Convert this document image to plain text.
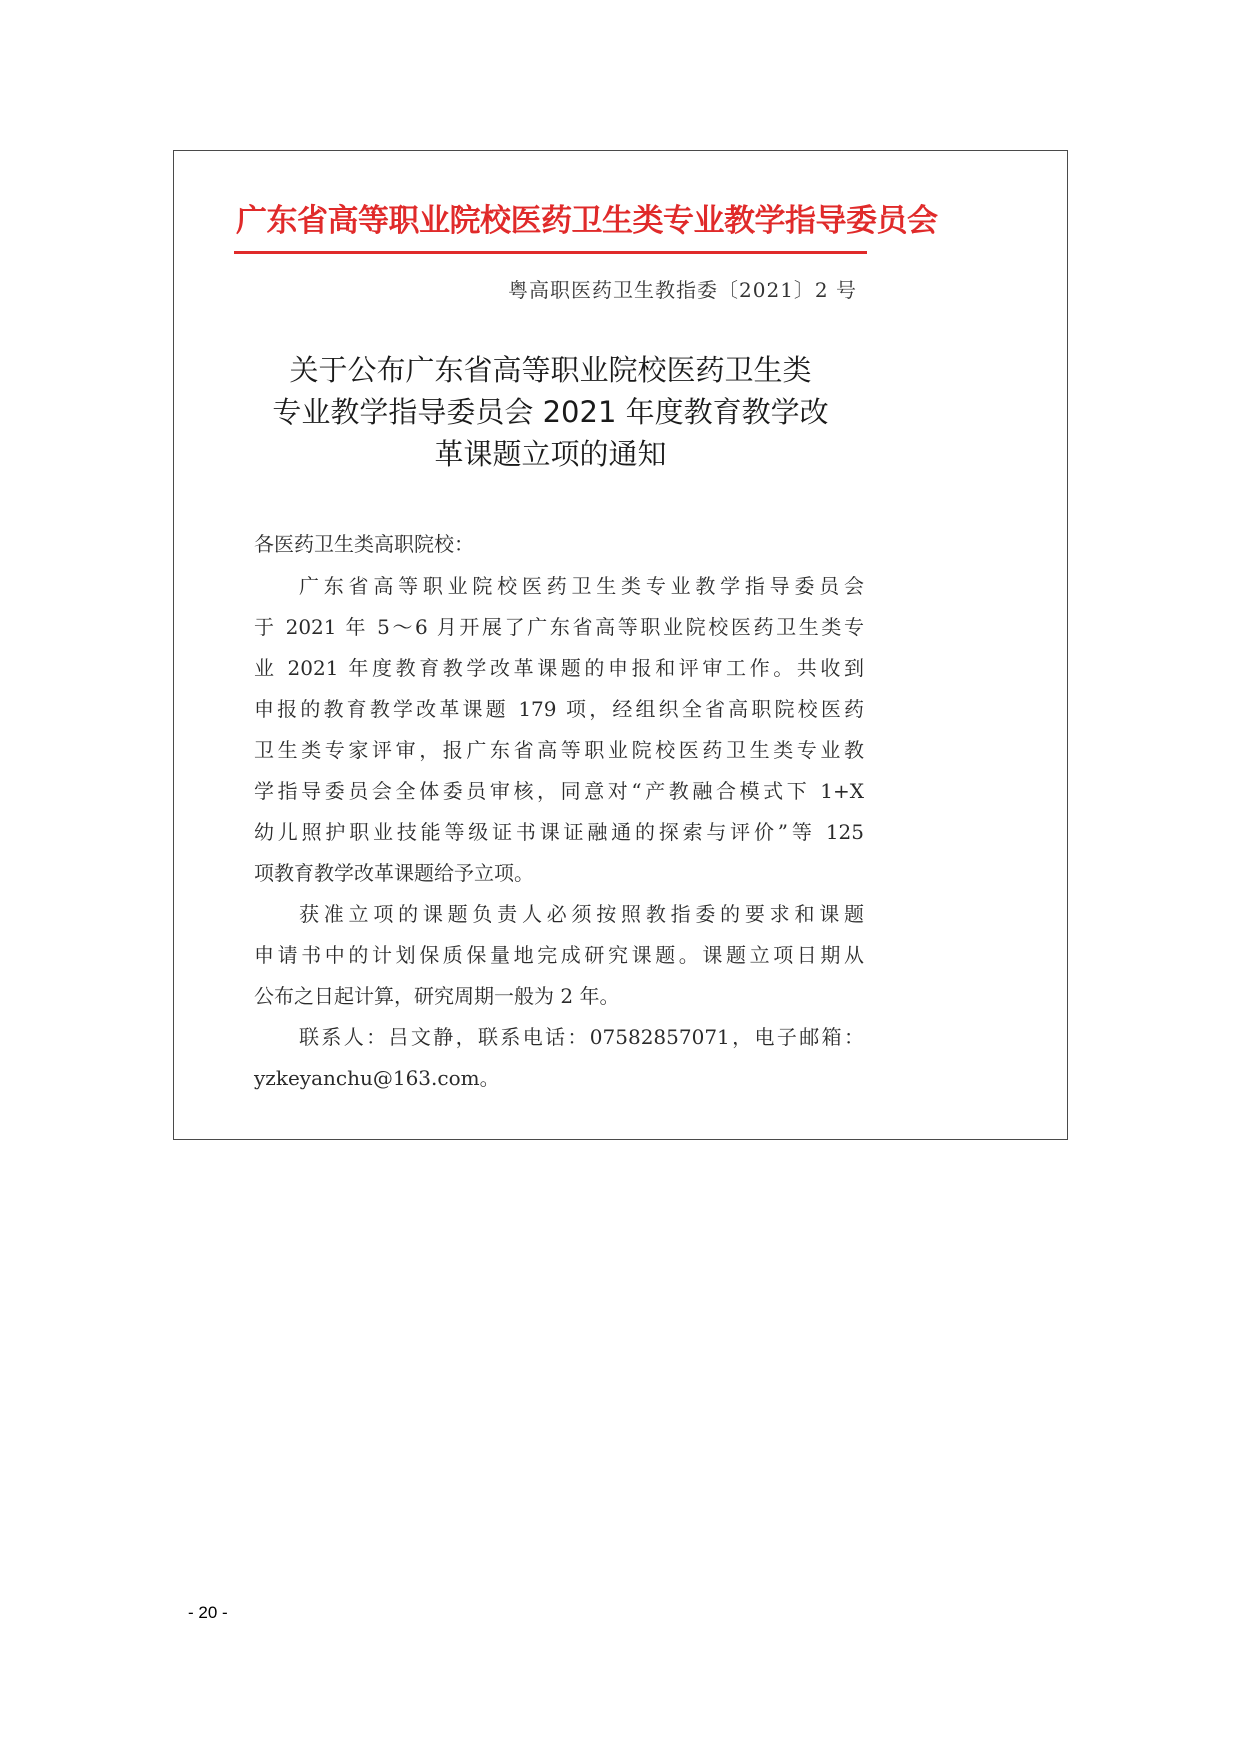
广东省高等职业院校医药卫生类专业教学指导委员会
粤高职医药卫生教指委〔2021〕2 号
关于公布广东省高等职业院校医药卫生类
专业教学指导委员会 2021 年度教育教学改
革课题立项的通知
各医药卫生类高职院校：
广东省高等职业院校医药卫生类专业教学指导委员会
于 2021 年 5～6 月开展了广东省高等职业院校医药卫生类专
业 2021 年度教育教学改革课题的申报和评审工作。共收到
申报的教育教学改革课题 179 项，经组织全省高职院校医药
卫生类专家评审，报广东省高等职业院校医药卫生类专业教
学指导委员会全体委员审核，同意对“产教融合模式下 1+X
幼儿照护职业技能等级证书课证融通的探索与评价”等 125
项教育教学改革课题给予立项。
获准立项的课题负责人必须按照教指委的要求和课题
申请书中的计划保质保量地完成研究课题。课题立项日期从
公布之日起计算，研究周期一般为 2 年。
联系人：吕文静，联系电话：07582857071，电子邮箱：
yzkeyanchu@163.com。
- 20 -
